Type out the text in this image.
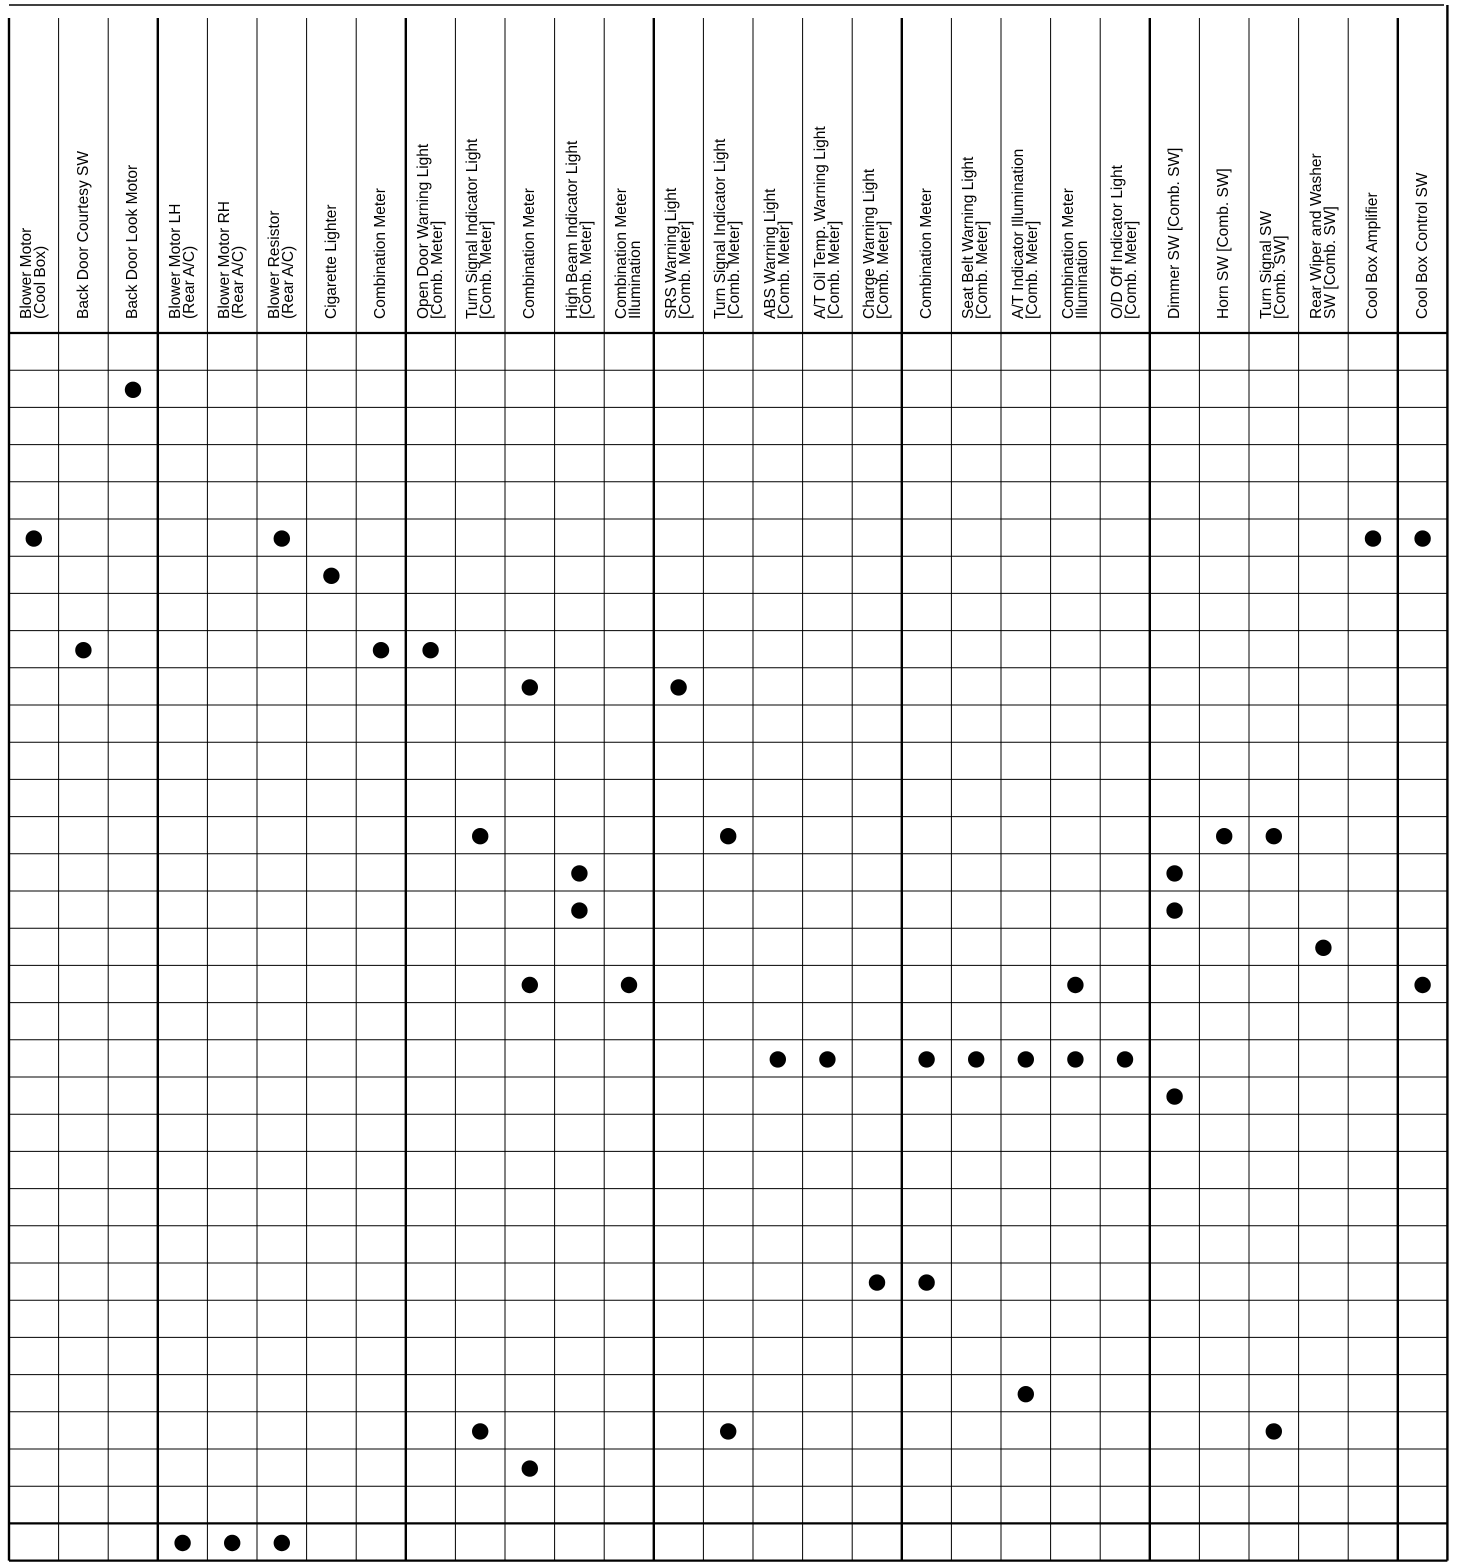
Blower Motor
(Cool Box) Back Door Courtesy SW Back Door Look Motor Blower Motor LH
(Rear A/C) Blower Motor RH
(Rear A/C) Blower Resistor
(Rear A/C) Cigarette Lighter Combination Meter Open Door Warning Light
[Comb. Meter] Turn Signal Indicator Light
[Comb. Meter] Combination Meter High Beam Indicator Light
[Comb. Meter] Combination Meter
Illumination SRS Warning Light
[Comb. Meter] Turn Signal Indicator Light
[Comb. Meter] ABS Warning Light
[Comb. Meter] A/T Oil Temp. Warning Light
[Comb. Meter] Charge Warning Light
[Comb. Meter] Combination Meter Seat Belt Warning Light
[Comb. Meter] A/T Indicator Illumination
[Comb. Meter] Combination Meter
Illumination O/D Off Indicator Light
[Comb. Meter] Dimmer SW [Comb. SW] Horn SW [Comb. SW] Turn Signal SW
[Comb. SW] Rear Wiper and Washer
SW [Comb. SW] Cool Box Amplifier Cool Box Control SW
